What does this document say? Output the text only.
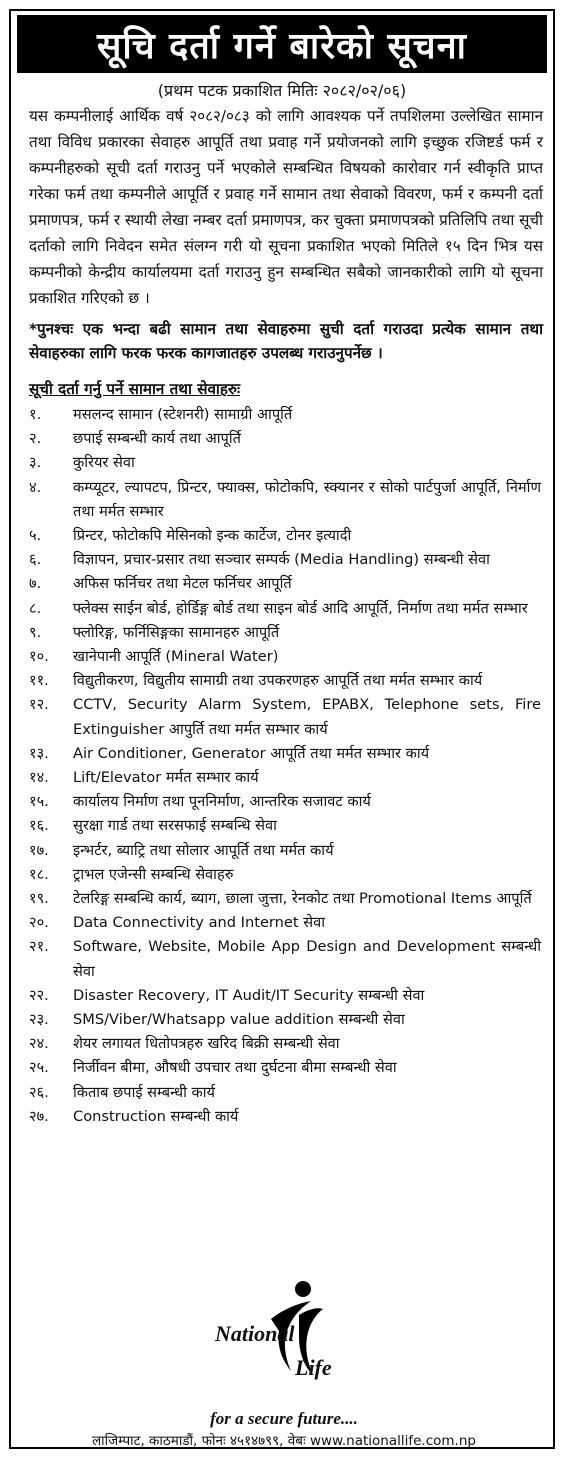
सूचि दर्ता गर्ने बारेको सूचना
(प्रथम पटक प्रकाशित मितिः २०८२/०२/०६)
यस कम्पनीलाई आर्थिक वर्ष २०८२/०८३ को लागि आवश्यक पर्ने तपशिलमा उल्लेखित सामान तथा विविध प्रकारका सेवाहरु आपूर्ति तथा प्रवाह गर्ने प्रयोजनको लागि इच्छुक रजिष्टर्ड फर्म र कम्पनीहरुको सूची दर्ता गराउनु पर्ने भएकोले सम्बन्धित विषयको कारोवार गर्न स्वीकृति प्राप्त गरेका फर्म तथा कम्पनीले आपूर्ति र प्रवाह गर्ने सामान तथा सेवाको विवरण, फर्म र कम्पनी दर्ता प्रमाणपत्र, फर्म र स्थायी लेखा नम्बर दर्ता प्रमाणपत्र, कर चुक्ता प्रमाणपत्रको प्रतिलिपि तथा सूची दर्ताको लागि निवेदन समेत संलग्न गरी यो सूचना प्रकाशित भएको मितिले १५ दिन भित्र यस कम्पनीको केन्द्रीय कार्यालयमा दर्ता गराउनु हुन सम्बन्धित सबैको जानकारीको लागि यो सूचना प्रकाशित गरिएको छ ।
*पुनश्चः एक भन्दा बढी सामान तथा सेवाहरुमा सुची दर्ता गराउदा प्रत्येक सामान तथा सेवाहरुका लागि फरक फरक कागजातहरु उपलब्ध गराउनुपर्नेछ ।
सूची दर्ता गर्नु पर्ने सामान तथा सेवाहरुः
१.	मसलन्द सामान (स्टेशनरी) सामाग्री आपूर्ति
२.	छपाई सम्बन्धी कार्य तथा आपूर्ति
३.	कुरियर सेवा
४.	कम्प्यूटर, ल्यापटप, प्रिन्टर, फ्याक्स, फोटोकपि, स्क्यानर र सोको पार्टपुर्जा आपूर्ति, निर्माण तथा मर्मत सम्भार
५.	प्रिन्टर, फोटोकपि मेसिनको इन्क कार्टेज, टोनर इत्यादी
६.	विज्ञापन, प्रचार-प्रसार तथा सञ्चार सम्पर्क (Media Handling) सम्बन्धी सेवा
७.	अफिस फर्निचर तथा मेटल फर्निचर आपूर्ति
८.	फ्लेक्स साईन बोर्ड, होर्डिङ्ग बोर्ड तथा साइन बोर्ड आदि आपूर्ति, निर्माण तथा मर्मत सम्भार
९.	फ्लोरिङ्ग, फर्निसिङ्गका सामानहरु आपूर्ति
१०.	खानेपानी आपूर्ति (Mineral Water)
११.	विद्युतीकरण, विद्युतीय सामाग्री तथा उपकरणहरु आपूर्ति तथा मर्मत सम्भार कार्य
१२.	CCTV, Security Alarm System, EPABX, Telephone sets, Fire Extinguisher आपुर्ति तथा मर्मत सम्भार कार्य
१३.	Air Conditioner, Generator आपूर्ति तथा मर्मत सम्भार कार्य
१४.	Lift/Elevator मर्मत सम्भार कार्य
१५.	कार्यालय निर्माण तथा पूननिर्माण, आन्तरिक सजावट कार्य
१६.	सुरक्षा गार्ड तथा सरसफाई सम्बन्धि सेवा
१७.	इन्भर्टर, ब्याट्रि तथा सोलार आपूर्ति तथा मर्मत कार्य
१८.	ट्राभल एजेन्सी सम्बन्धि सेवाहरु
१९.	टेलरिङ्ग सम्बन्धि कार्य, ब्याग, छाला जुत्ता, रेनकोट तथा Promotional Items आपूर्ति
२०.	Data Connectivity and Internet सेवा
२१.	Software, Website, Mobile App Design and Development सम्बन्धी सेवा
२२.	Disaster Recovery, IT Audit/IT Security सम्बन्धी सेवा
२३.	SMS/Viber/Whatsapp value addition सम्बन्धी सेवा
२४.	शेयर लगायत धितोपत्रहरु खरिद बिक्री सम्बन्धी सेवा
२५.	निर्जीवन बीमा, औषधी उपचार तथा दुर्घटना बीमा सम्बन्धी सेवा
२६.	किताब छपाई सम्बन्धी कार्य
२७.	Construction सम्बन्धी कार्य
National
Life
for a secure future....
लाजिम्पाट, काठमाडौं, फोनः ४५१४७९९, वेबः www.nationallife.com.np
